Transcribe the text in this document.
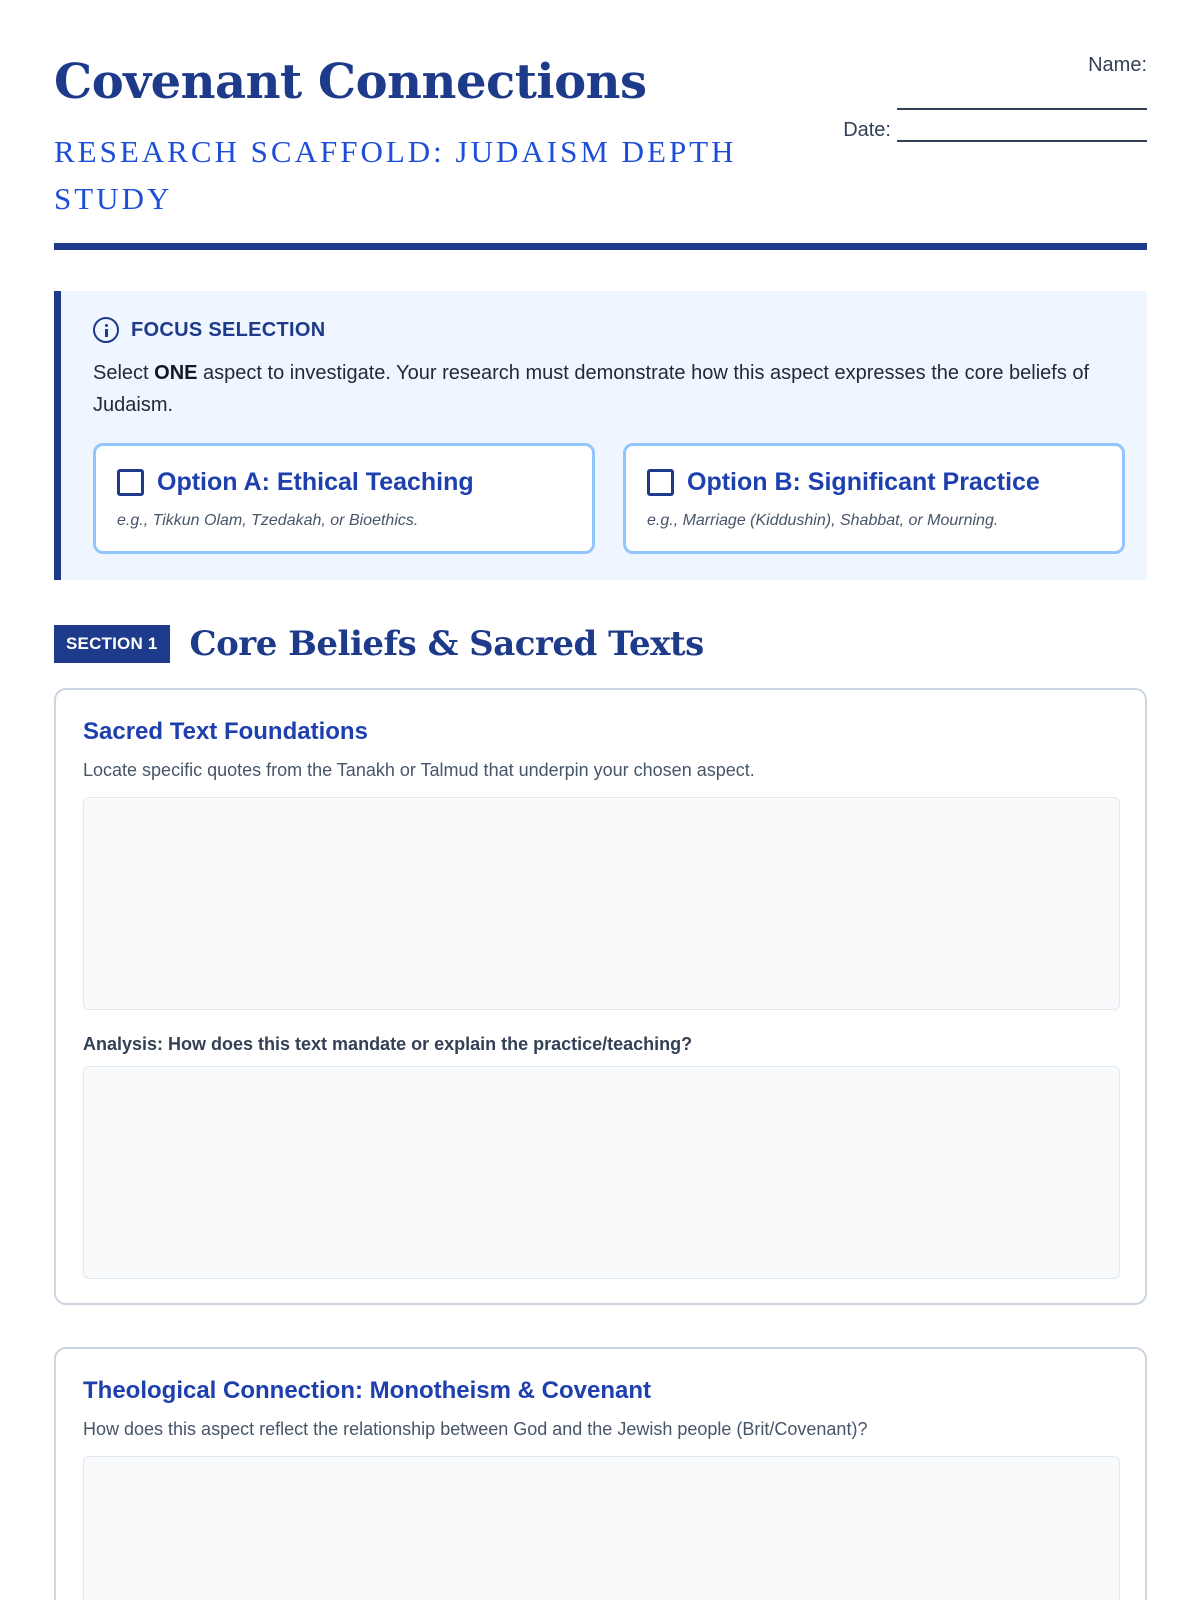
Covenant Connections
RESEARCH SCAFFOLD: JUDAISM DEPTH STUDY
Name:
Date:
FOCUS SELECTION

Select ONE aspect to investigate. Your research must demonstrate how this aspect expresses the core beliefs of Judaism.

Option A: Ethical Teaching
e.g., Tikkun Olam, Tzedakah, or Bioethics.
Option B: Significant Practice
e.g., Marriage (Kiddushin), Shabbat, or Mourning.
SECTION 1 Core Beliefs & Sacred Texts
Sacred Text Foundations

Locate specific quotes from the Tanakh or Talmud that underpin your chosen aspect.

Analysis: How does this text mandate or explain the practice/teaching?

Theological Connection: Monotheism & Covenant

How does this aspect reflect the relationship between God and the Jewish people (Brit/Covenant)?
